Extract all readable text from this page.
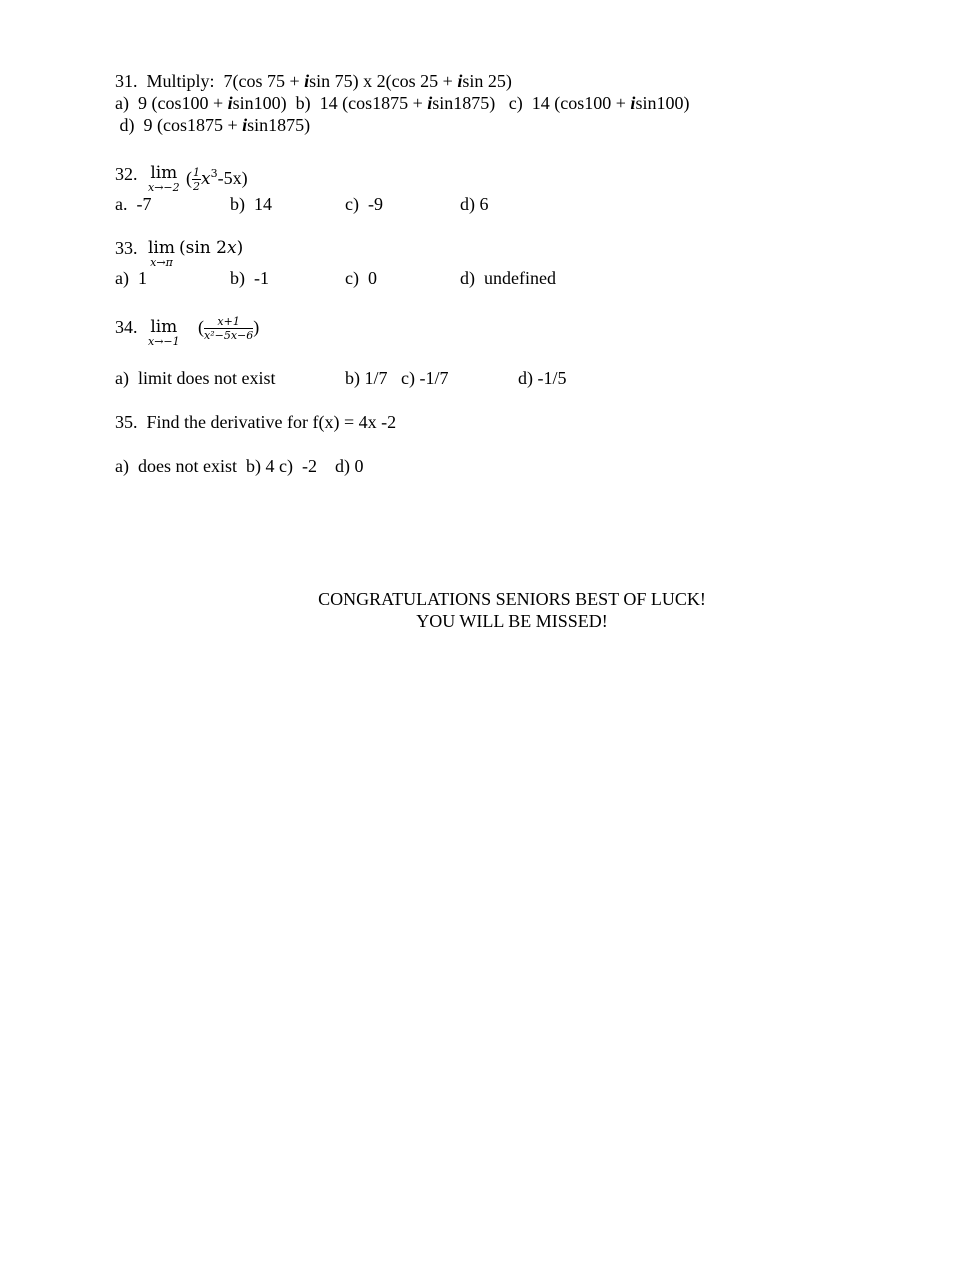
31.  Multiply:  7(cos 75 + isin 75) x 2(cos 25 + isin 25)
a)  9 (cos100 + isin100)  b)  14 (cos1875 + isin1875)   c)  14 (cos100 + isin100)
d)  9 (cos1875 + isin1875)
32. lim
x→−2 ( $\frac{1}{2} x^3-5x$)
a.  -7	b)  14	c)  -9	d) 6
33. lim
x→π
(sin 2x)
a)  1	b)  -1	c)  0	d)  undefined
34. lim
x→−1
( $\frac{x+1}{\text{x²−5x−6}}$ )
a)  limit does not exist	b) 1/7   c) -1/7	d) -1/5
35.  Find the derivative for f(x) = 4x -2
a)  does not exist  b) 4 c)  -2    d) 0
CONGRATULATIONS SENIORS BEST OF LUCK!
YOU WILL BE MISSED!
